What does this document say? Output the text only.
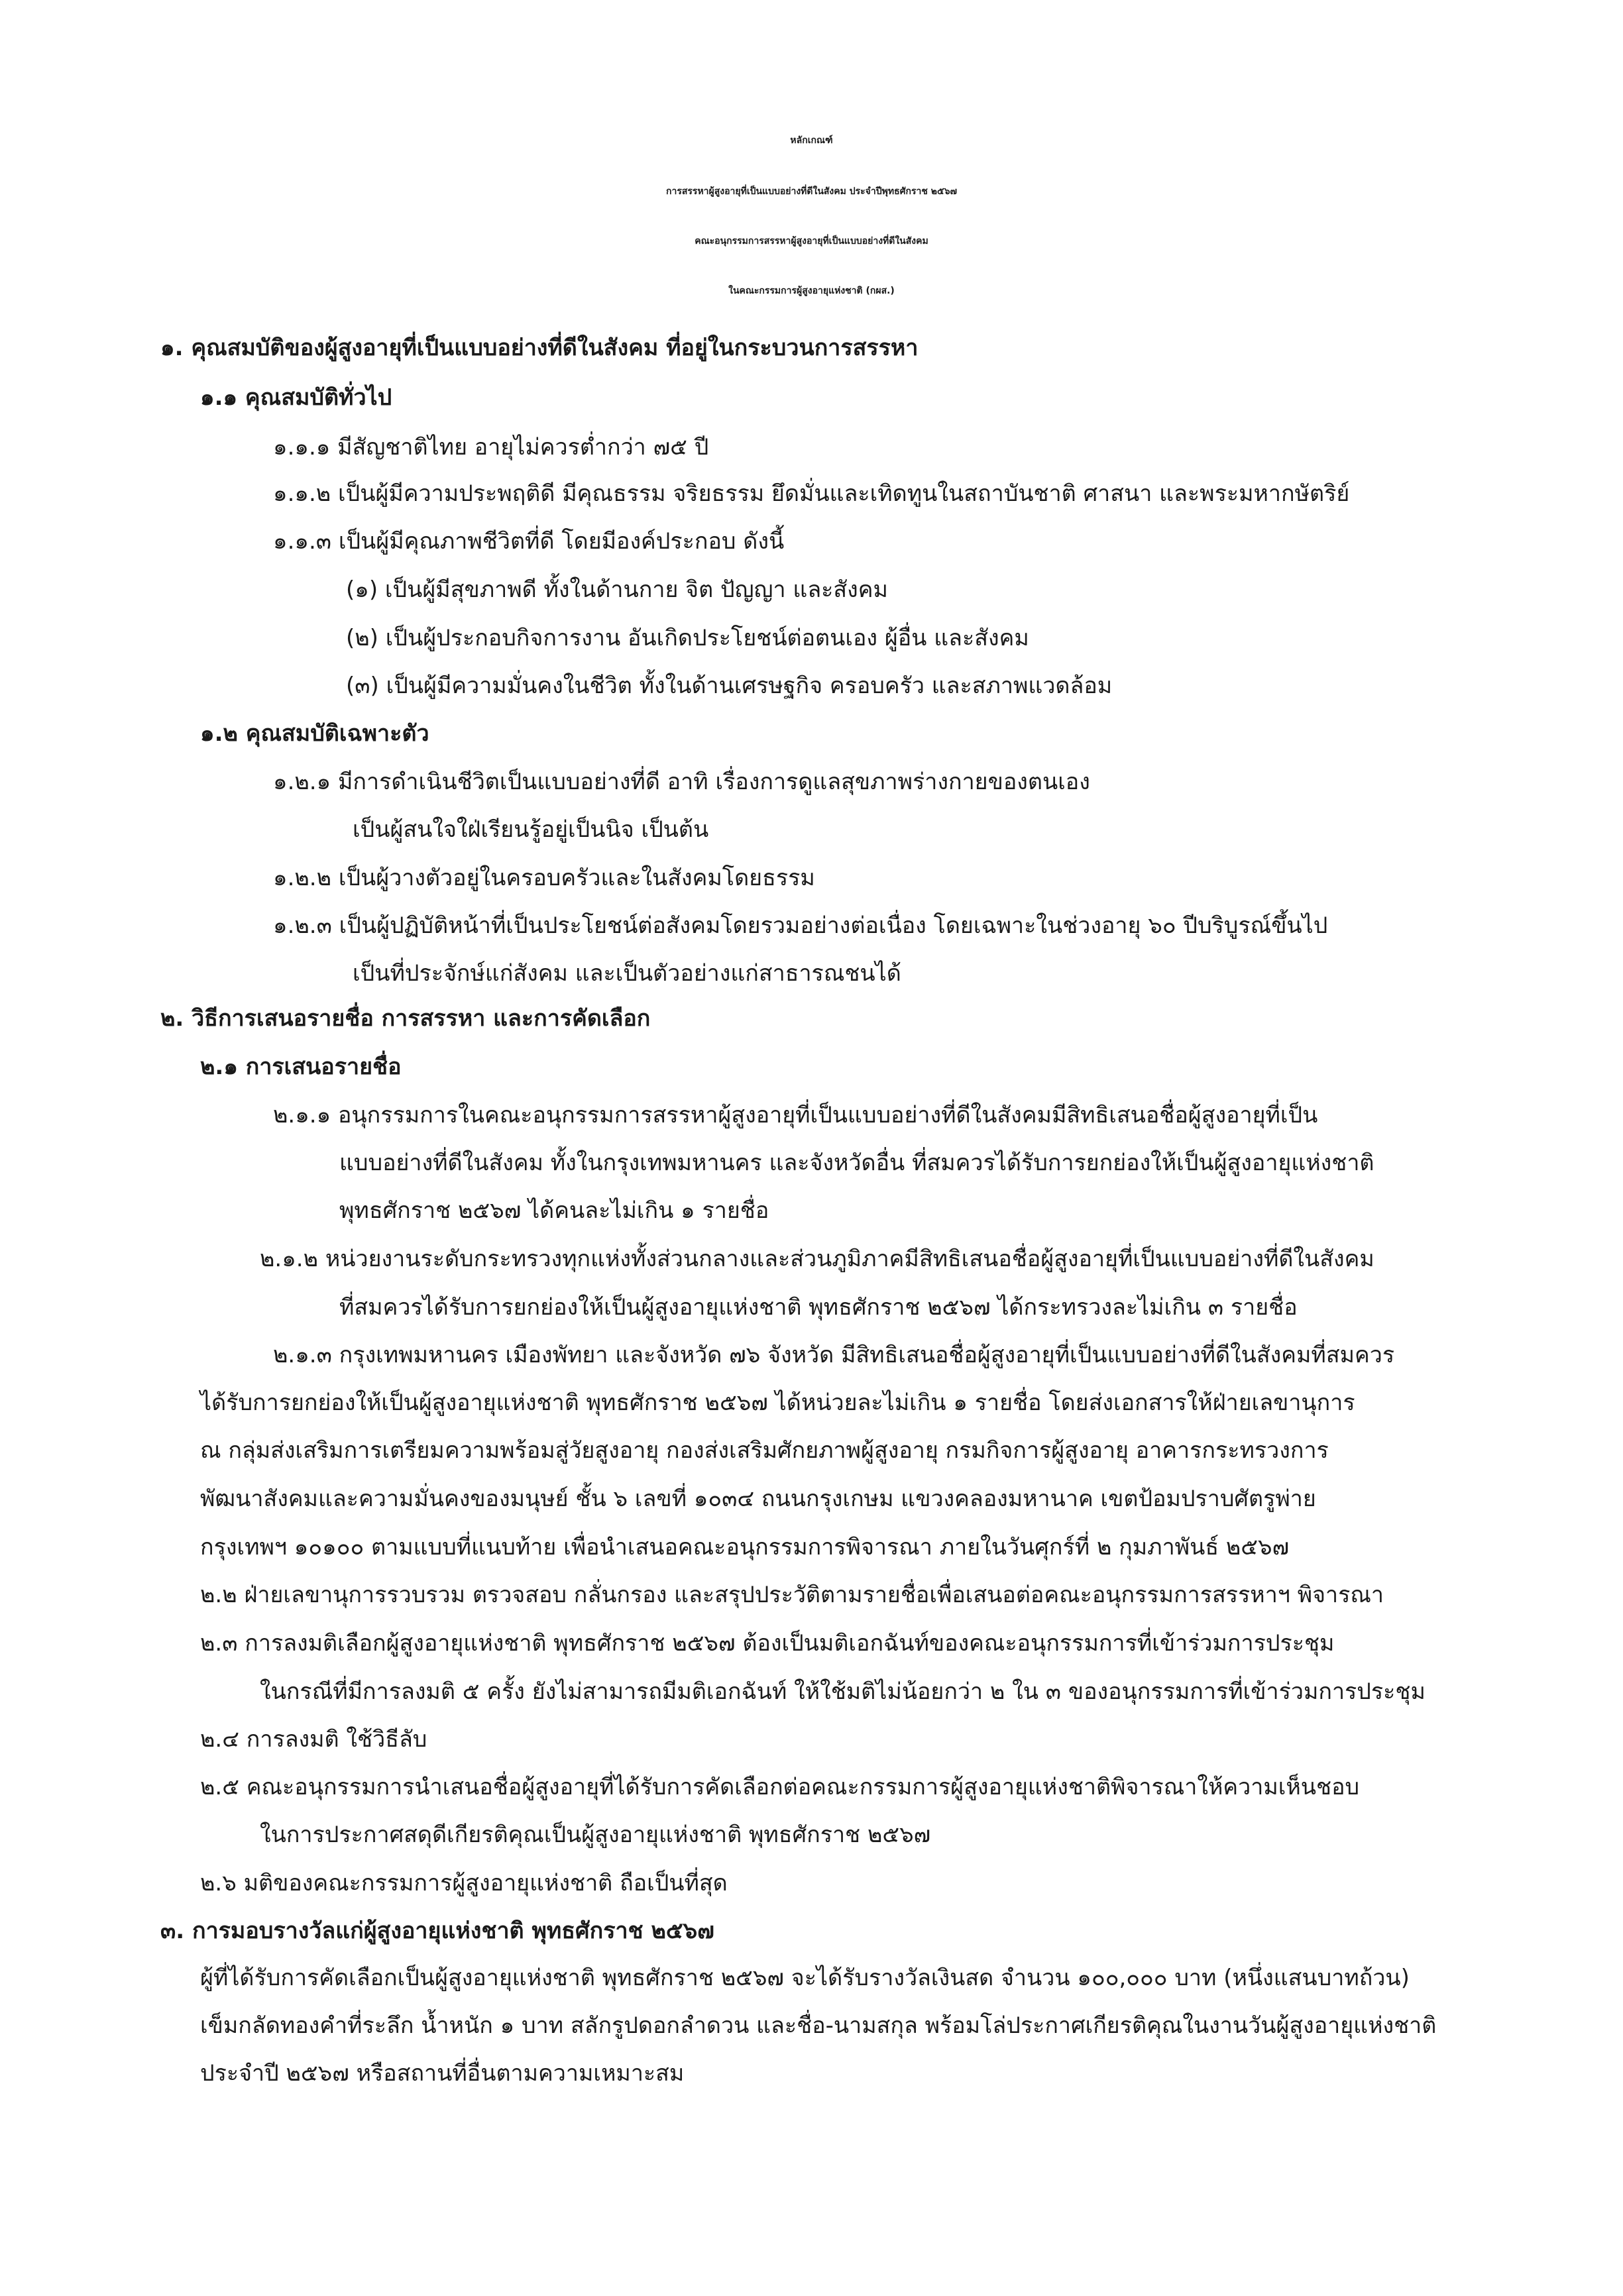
หลักเกณฑ์
การสรรหาผู้สูงอายุที่เป็นแบบอย่างที่ดีในสังคม ประจำปีพุทธศักราช ๒๕๖๗
คณะอนุกรรมการสรรหาผู้สูงอายุที่เป็นแบบอย่างที่ดีในสังคม
ในคณะกรรมการผู้สูงอายุแห่งชาติ (กผส.)
๑. คุณสมบัติของผู้สูงอายุที่เป็นแบบอย่างที่ดีในสังคม ที่อยู่ในกระบวนการสรรหา
๑.๑ คุณสมบัติทั่วไป
๑.๑.๑ มีสัญชาติไทย อายุไม่ควรต่ำกว่า ๗๕ ปี
๑.๑.๒ เป็นผู้มีความประพฤติดี มีคุณธรรม จริยธรรม ยึดมั่นและเทิดทูนในสถาบันชาติ ศาสนา และพระมหากษัตริย์
๑.๑.๓ เป็นผู้มีคุณภาพชีวิตที่ดี โดยมีองค์ประกอบ ดังนี้
(๑) เป็นผู้มีสุขภาพดี ทั้งในด้านกาย จิต ปัญญา และสังคม
(๒) เป็นผู้ประกอบกิจการงาน อันเกิดประโยชน์ต่อตนเอง ผู้อื่น และสังคม
(๓) เป็นผู้มีความมั่นคงในชีวิต ทั้งในด้านเศรษฐกิจ ครอบครัว และสภาพแวดล้อม
๑.๒ คุณสมบัติเฉพาะตัว
๑.๒.๑ มีการดำเนินชีวิตเป็นแบบอย่างที่ดี อาทิ เรื่องการดูแลสุขภาพร่างกายของตนเอง
เป็นผู้สนใจใฝ่เรียนรู้อยู่เป็นนิจ เป็นต้น
๑.๒.๒ เป็นผู้วางตัวอยู่ในครอบครัวและในสังคมโดยธรรม
๑.๒.๓ เป็นผู้ปฏิบัติหน้าที่เป็นประโยชน์ต่อสังคมโดยรวมอย่างต่อเนื่อง โดยเฉพาะในช่วงอายุ ๖๐ ปีบริบูรณ์ขึ้นไป
เป็นที่ประจักษ์แก่สังคม และเป็นตัวอย่างแก่สาธารณชนได้
๒. วิธีการเสนอรายชื่อ การสรรหา และการคัดเลือก
๒.๑ การเสนอรายชื่อ
๒.๑.๑ อนุกรรมการในคณะอนุกรรมการสรรหาผู้สูงอายุที่เป็นแบบอย่างที่ดีในสังคมมีสิทธิเสนอชื่อผู้สูงอายุที่เป็น
แบบอย่างที่ดีในสังคม ทั้งในกรุงเทพมหานคร และจังหวัดอื่น ที่สมควรได้รับการยกย่องให้เป็นผู้สูงอายุแห่งชาติ
พุทธศักราช ๒๕๖๗ ได้คนละไม่เกิน ๑ รายชื่อ
๒.๑.๒ หน่วยงานระดับกระทรวงทุกแห่งทั้งส่วนกลางและส่วนภูมิภาคมีสิทธิเสนอชื่อผู้สูงอายุที่เป็นแบบอย่างที่ดีในสังคม
ที่สมควรได้รับการยกย่องให้เป็นผู้สูงอายุแห่งชาติ พุทธศักราช ๒๕๖๗ ได้กระทรวงละไม่เกิน ๓ รายชื่อ
๒.๑.๓ กรุงเทพมหานคร เมืองพัทยา และจังหวัด ๗๖ จังหวัด มีสิทธิเสนอชื่อผู้สูงอายุที่เป็นแบบอย่างที่ดีในสังคมที่สมควร
ได้รับการยกย่องให้เป็นผู้สูงอายุแห่งชาติ พุทธศักราช ๒๕๖๗ ได้หน่วยละไม่เกิน ๑ รายชื่อ โดยส่งเอกสารให้ฝ่ายเลขานุการ
ณ กลุ่มส่งเสริมการเตรียมความพร้อมสู่วัยสูงอายุ กองส่งเสริมศักยภาพผู้สูงอายุ กรมกิจการผู้สูงอายุ อาคารกระทรวงการ
พัฒนาสังคมและความมั่นคงของมนุษย์ ชั้น ๖ เลขที่ ๑๐๓๔ ถนนกรุงเกษม แขวงคลองมหานาค เขตป้อมปราบศัตรูพ่าย
กรุงเทพฯ ๑๐๑๐๐ ตามแบบที่แนบท้าย เพื่อนำเสนอคณะอนุกรรมการพิจารณา ภายในวันศุกร์ที่ ๒ กุมภาพันธ์ ๒๕๖๗
๒.๒ ฝ่ายเลขานุการรวบรวม ตรวจสอบ กลั่นกรอง และสรุปประวัติตามรายชื่อเพื่อเสนอต่อคณะอนุกรรมการสรรหาฯ พิจารณา
๒.๓ การลงมติเลือกผู้สูงอายุแห่งชาติ พุทธศักราช ๒๕๖๗ ต้องเป็นมติเอกฉันท์ของคณะอนุกรรมการที่เข้าร่วมการประชุม
ในกรณีที่มีการลงมติ ๕ ครั้ง ยังไม่สามารถมีมติเอกฉันท์ ให้ใช้มติไม่น้อยกว่า ๒ ใน ๓ ของอนุกรรมการที่เข้าร่วมการประชุม
๒.๔ การลงมติ ใช้วิธีลับ
๒.๕ คณะอนุกรรมการนำเสนอชื่อผู้สูงอายุที่ได้รับการคัดเลือกต่อคณะกรรมการผู้สูงอายุแห่งชาติพิจารณาให้ความเห็นชอบ
ในการประกาศสดุดีเกียรติคุณเป็นผู้สูงอายุแห่งชาติ พุทธศักราช ๒๕๖๗
๒.๖ มติของคณะกรรมการผู้สูงอายุแห่งชาติ ถือเป็นที่สุด
๓. การมอบรางวัลแก่ผู้สูงอายุแห่งชาติ พุทธศักราช ๒๕๖๗
ผู้ที่ได้รับการคัดเลือกเป็นผู้สูงอายุแห่งชาติ พุทธศักราช ๒๕๖๗ จะได้รับรางวัลเงินสด จำนวน ๑๐๐,๐๐๐ บาท (หนึ่งแสนบาทถ้วน)
เข็มกลัดทองคำที่ระลึก น้ำหนัก ๑ บาท สลักรูปดอกลำดวน และชื่อ-นามสกุล พร้อมโล่ประกาศเกียรติคุณในงานวันผู้สูงอายุแห่งชาติ
ประจำปี ๒๕๖๗ หรือสถานที่อื่นตามความเหมาะสม
